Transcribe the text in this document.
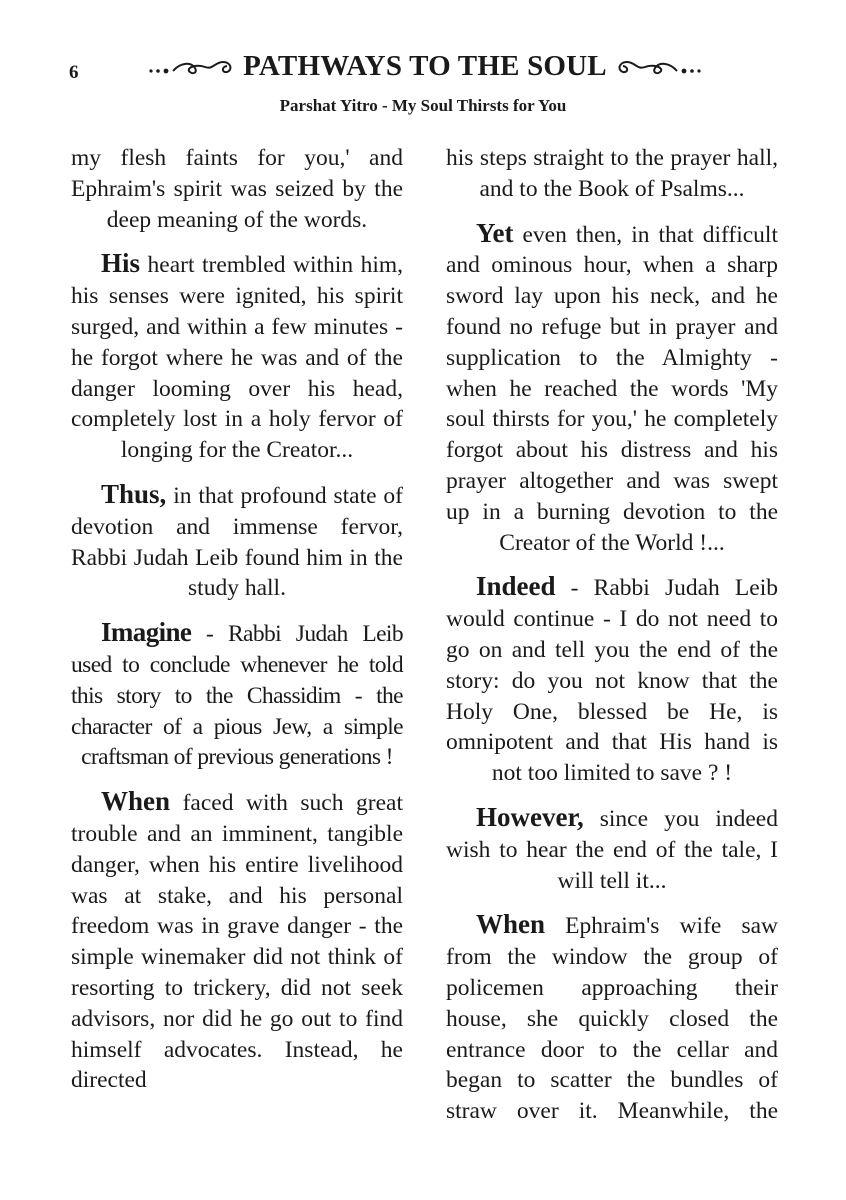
6	PATHWAYS TO THE SOUL
Parshat Yitro - My Soul Thirsts for You

my flesh faints for you,' and Ephraim's spirit was seized by the deep meaning of the words.

His heart trembled within him, his senses were ignited, his spirit surged, and within a few minutes - he forgot where he was and of the danger looming over his head, completely lost in a holy fervor of longing for the Creator...

Thus, in that profound state of devotion and immense fervor, Rabbi Judah Leib found him in the study hall.

Imagine - Rabbi Judah Leib used to conclude whenever he told this story to the Chassidim - the character of a pious Jew, a simple craftsman of previous generations !

When faced with such great trouble and an imminent, tangible danger, when his entire livelihood was at stake, and his personal freedom was in grave danger - the simple winemaker did not think of resorting to trickery, did not seek advisors, nor did he go out to find himself advocates. Instead, he directed

his steps straight to the prayer hall, and to the Book of Psalms...

Yet even then, in that difficult and ominous hour, when a sharp sword lay upon his neck, and he found no refuge but in prayer and supplication to the Almighty - when he reached the words 'My soul thirsts for you,' he completely forgot about his distress and his prayer altogether and was swept up in a burning devotion to the Creator of the World !...

Indeed - Rabbi Judah Leib would continue - I do not need to go on and tell you the end of the story: do you not know that the Holy One, blessed be He, is omnipotent and that His hand is not too limited to save ? !

However, since you indeed wish to hear the end of the tale, I will tell it...

When Ephraim's wife saw from the window the group of policemen approaching their house, she quickly closed the entrance door to the cellar and began to scatter the bundles of straw over it. Meanwhile, the
